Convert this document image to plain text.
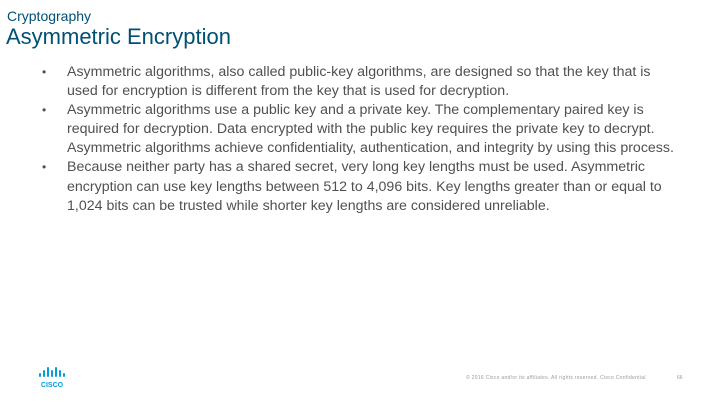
Cryptography
Asymmetric Encryption
• Asymmetric algorithms, also called public-key algorithms, are designed so that the key that is used for encryption is different from the key that is used for decryption.
• Asymmetric algorithms use a public key and a private key. The complementary paired key is required for decryption. Data encrypted with the public key requires the private key to decrypt. Asymmetric algorithms achieve confidentiality, authentication, and integrity by using this process.
• Because neither party has a shared secret, very long key lengths must be used. Asymmetric encryption can use key lengths between 512 to 4,096 bits. Key lengths greater than or equal to 1,024 bits can be trusted while shorter key lengths are considered unreliable.
CISCO
© 2016 Cisco and/or its affiliates. All rights reserved. Cisco Confidential	66
